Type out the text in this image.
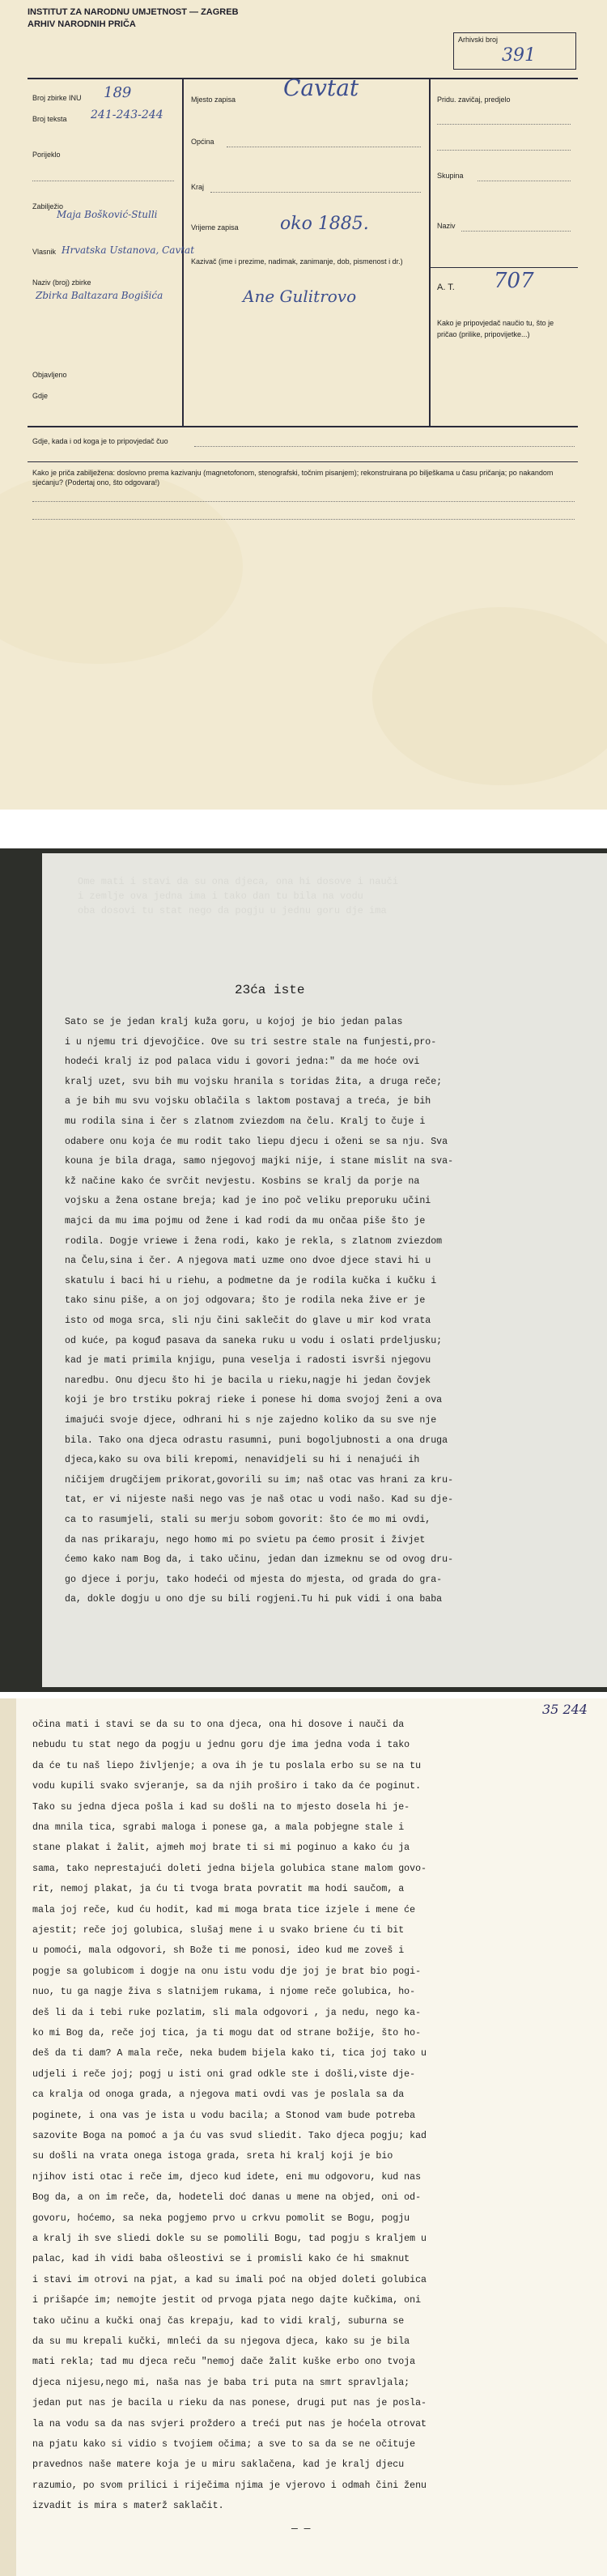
INSTITUT ZA NARODNU UMJETNOST — ZAGREB
ARHIV NARODNIH PRIČA
Arhivski broj
391
Broj zbirke INU 189
Broj teksta 241-243-244
Porijeklo
Zabilježio
Maja Bošković-Stulli
Vlasnik Hrvatska Ustanova, Cavtat
Naziv (broj) zbirke
Zbirka Baltazara Bogišića
Objavljeno
Gdje
Mjesto zapisa Cavtat
Općina
Kraj
Vrijeme zapisa oko 1885.
Kazivač (ime i prezime, nadimak, zanimanje, dob, pismenost i dr.)
Ane Gulitrovo
Pridu. zavičaj, predjelo
Skupina
Naziv
A. T. 707
Kako je pripovjedač naučio tu, što je pričao (prilike, pripovijetke...)
Gdje, kada i od koga je to pripovjedač čuo
Kako je priča zabilježena: doslovno prema kazivanju (magnetofonom, stenografski, točnim pisanjem); rekonstruirana po bilješkama u času pričanja; po nakandom sjećanju? (Podertaj ono, što odgovara!)
Ome mati i stavi da su ona djeca, ona hi dosove i nauči
i zemlje ova jedna ima i tako dan tu bila na vodu
oba dosovi tu stat nego da pogju u jednu goru dje ima
23ća iste
Sato se je jedan kralj kuža goru, u kojoj je bio jedan palas
i u njemu tri djevojčice. Ove su tri sestre stale na funjesti,pro-
hodeći kralj iz pod palaca vidu i govori jedna:" da me hoće ovi
kralj uzet, svu bih mu vojsku hranila s toridas žita, a druga reče;
a je bih mu svu vojsku oblačila s laktom postavaj a treća, je bih
mu rodila sina i čer s zlatnom zviezdom na čelu. Kralj to čuje i
odabere onu koja će mu rodit tako liepu djecu i oženi se sa nju. Sva
kouna je bila draga, samo njegovoj majki nije, i stane mislit na sva-
kž načine kako će svrčit nevjestu. Kosbins se kralj da porje na
vojsku a žena ostane breja; kad je ino poč veliku preporuku učini
majci da mu ima pojmu od žene i kad rodi da mu ončaa piše što je
rodila. Dogje vriewe i žena rodi, kako je rekla, s zlatnom zviezdom
na Čelu,sina i čer. A njegova mati uzme ono dvoe djece stavi hi u
skatulu i baci hi u riehu, a podmetne da je rodila kučka i kučku i
tako sinu piše, a on joj odgovara; što je rodila neka žive er je
isto od moga srca, sli nju čini saklečit do glave u mir kod vrata
od kuće, pa koguđ pasava da saneka ruku u vodu i oslati prdeljusku;
kad je mati primila knjigu, puna veselja i radosti isvrši njegovu
naredbu. Onu djecu što hi je bacila u rieku,nagje hi jedan čovjek
koji je bro trstiku pokraj rieke i ponese hi doma svojoj ženi a ova
imajući svoje djece, odhrani hi s nje zajedno koliko da su sve nje
bila. Tako ona djeca odrastu rasumni, puni bogoljubnosti a ona druga
djeca,kako su ova bili krepomi, nenavidjeli su hi i nenajući ih
ničijem drugčijem prikorat,govorili su im; naš otac vas hrani za kru-
tat, er vi nijeste naši nego vas je naš otac u vodi našo. Kad su dje-
ca to rasumjeli, stali su merju sobom govorit: što će mo mi ovdi,
da nas prikaraju, nego homo mi po svietu pa ćemo prosit i živjet
ćemo kako nam Bog da, i tako učinu, jedan dan izmeknu se od ovog dru-
go djece i porju, tako hodeći od mjesta do mjesta, od grada do gra-
da, dokle dogju u ono dje su bili rogjeni.Tu hi puk vidi i ona baba
35 244
očina mati i stavi se da su to ona djeca, ona hi dosove i nauči da
nebudu tu stat nego da pogju u jednu goru dje ima jedna voda i tako
da će tu naš liepo življenje; a ova ih je tu poslala erbo su se na tu
vodu kupili svako svjeranje, sa da njih proširo i tako da će poginut.
Tako su jedna djeca pošla i kad su došli na to mjesto dosela hi je-
dna mnila tica, sgrabi maloga i ponese ga, a mala pobjegne stale i
stane plakat i žalit, ajmeh moj brate ti si mi poginuo a kako ću ja
sama, tako neprestajući doleti jedna bijela golubica stane malom govo-
rit, nemoj plakat, ja ću ti tvoga brata povratit ma hodi saučom, a
mala joj reče, kud ću hodit, kad mi moga brata tice izjele i mene će
ajestit; reče joj golubica, slušaj mene i u svako briene ću ti bit
u pomoći, mala odgovori, sh Bože ti me ponosi, ideo kud me zoveš i
pogje sa golubicom i dogje na onu istu vodu dje joj je brat bio pogi-
nuo, tu ga nagje živa s slatnijem rukama, i njome reče golubica, ho-
deš li da i tebi ruke pozlatim, sli mala odgovori , ja nedu, nego ka-
ko mi Bog da, reče joj tica, ja ti mogu dat od strane božije, što ho-
deš da ti dam? A mala reče, neka budem bijela kako ti, tica joj tako u
udjeli i reče joj; pogj u isti oni grad odkle ste i došli,viste dje-
ca kralja od onoga grada, a njegova mati ovdi vas je poslala sa da
poginete, i ona vas je ista u vodu bacila; a Stonod vam bude potreba
sazovite Boga na pomoć a ja ću vas svud sliedit. Tako djeca pogju; kad
su došli na vrata onega istoga grada, sreta hi kralj koji je bio
njihov isti otac i reče im, djeco kud idete, eni mu odgovoru, kud nas
Bog da, a on im reče, da, hodeteli doć danas u mene na objed, oni od-
govoru, hoćemo, sa neka pogjemo prvo u crkvu pomolit se Bogu, pogju
a kralj ih sve sliedi dokle su se pomolili Bogu, tad pogju s kraljem u
palac, kad ih vidi baba ošleostivi se i promisli kako će hi smaknut
i stavi im otrovi na pjat, a kad su imali poć na objed doleti golubica
i prišapće im; nemojte jestit od prvoga pjata nego dajte kučkima, oni
tako učinu a kučki onaj čas krepaju, kad to vidi kralj, suburna se
da su mu krepali kučki, mnleći da su njegova djeca, kako su je bila
mati rekla; tad mu djeca reču "nemoj dače žalit kuške erbo ono tvoja
djeca nijesu,nego mi, naša nas je baba tri puta na smrt spravljala;
jedan put nas je bacila u rieku da nas ponese, drugi put nas je posla-
la na vodu sa da nas svjeri proždero a treći put nas je hoćela otrovat
na pjatu kako si vidio s tvojiem očima; a sve to sa da se ne očituje
pravednos naše matere koja je u miru saklačena, kad je kralj djecu
razumio, po svom prilici i riječima njima je vjerovo i odmah čini ženu
izvadit is mira s materž saklačit.
— —
